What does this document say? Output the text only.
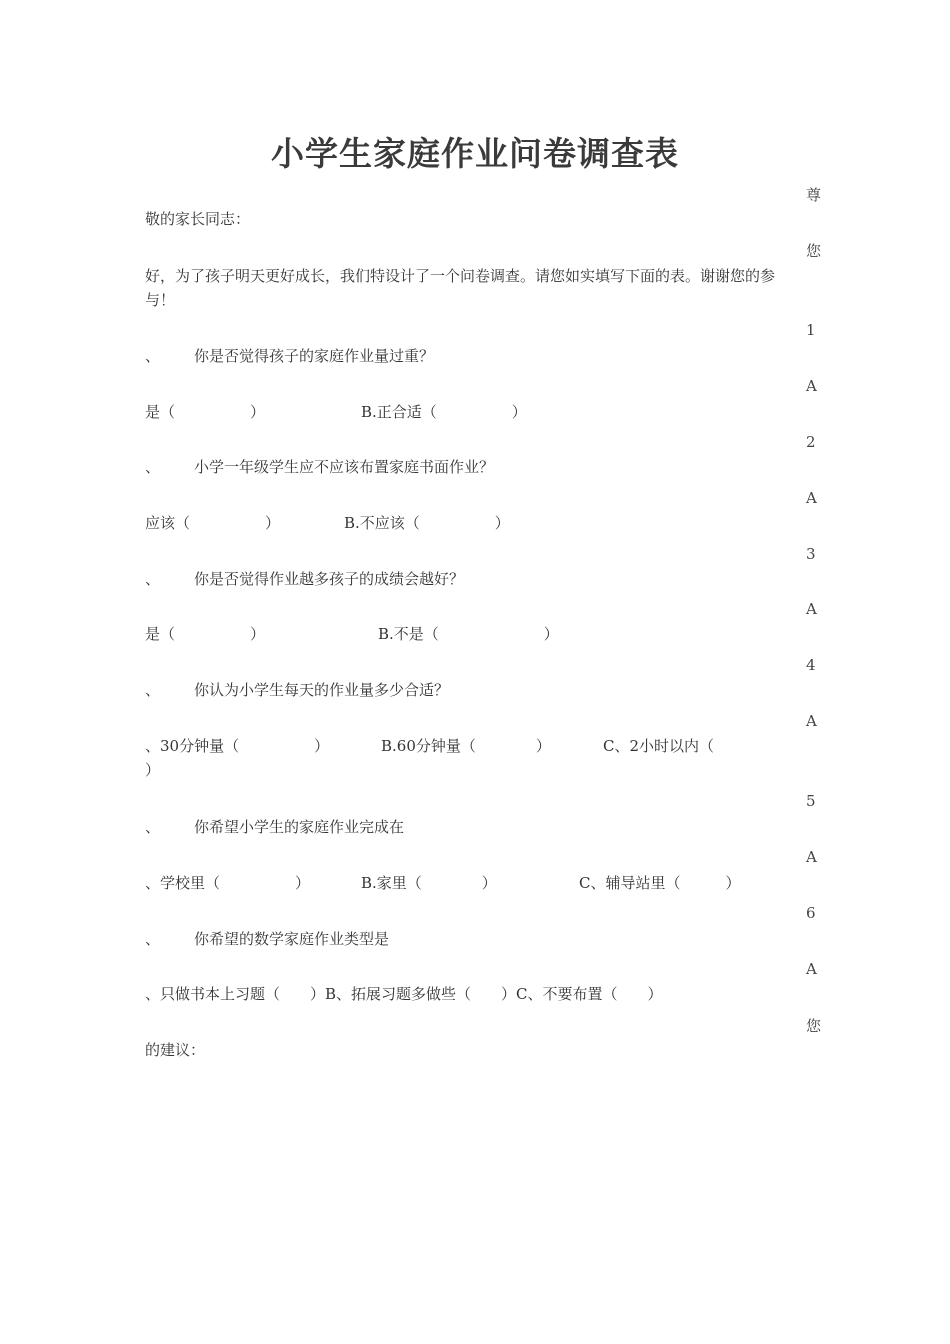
小学生家庭作业问卷调查表
尊
您
1
A
2
A
3
A
4
A
5
A
6
A
您
敬的家长同志：
好，为了孩子明天更好成长，我们特设计了一个问卷调查。请您如实填写下面的表。谢谢您的参与！
、 你是否觉得孩子的家庭作业量过重？
是（　　　　　）	B.正合适（　　　　　）
、 小学一年级学生应不应该布置家庭书面作业？
应该（　　　　　）	B.不应该（　　　　　）
、 你是否觉得作业越多孩子的成绩会越好？
是（　　　　　）	B.不是（　　　　　　　）
、 你认为小学生每天的作业量多少合适？
、30分钟量（　　　　　）	B.60分钟量（　　　　）	C、2小时以内（
）
、 你希望小学生的家庭作业完成在
、学校里（　　　　　）	B.家里（　　　　）	C、辅导站里（　　　）
、 你希望的数学家庭作业类型是
、只做书本上习题（　　）B、拓展习题多做些（　　）C、不要布置（　　）
的建议：
